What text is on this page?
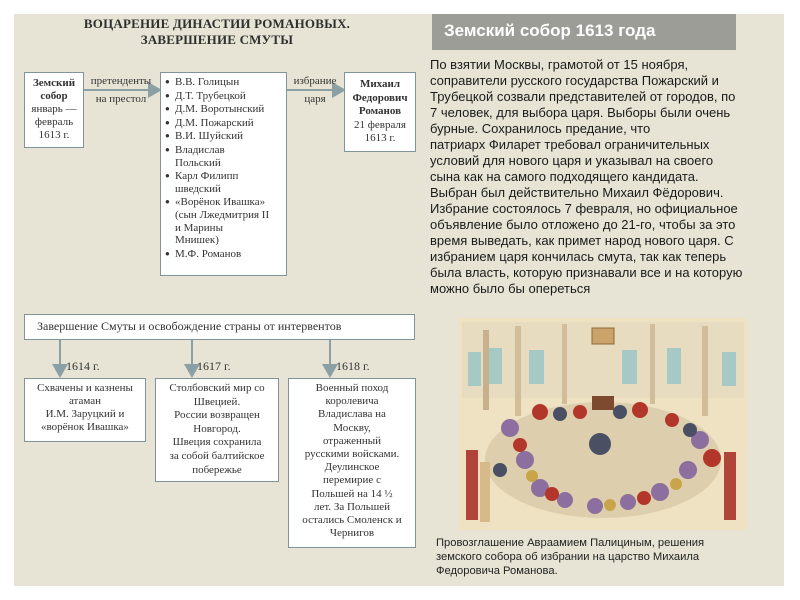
ВОЦАРЕНИЕ ДИНАСТИИ РОМАНОВЫХ.
ЗАВЕРШЕНИЕ СМУТЫ
Земский
собор
январь —
февраль
1613 г.
претенденты
на престол
избрание
царя
● В.В. Голицын
● Д.Т. Трубецкой
● Д.М. Воротынский
● Д.М. Пожарский
● В.И. Шуйский
● Владислав
Польский
● Карл Филипп
шведский
● «Ворёнок Ивашка»
(сын Лжедмитрия II
и Марины
Мнишек)
● М.Ф. Романов
Михаил
Федорович
Романов
21 февраля
1613 г.
Завершение Смуты и освобождение страны от интервентов
1614 г.	1617 г.	1618 г.
Схвачены и казнены
атаман
И.М. Заруцкий и
«ворёнок Ивашка»
Столбовский мир со
Швецией.
России возвращен
Новгород.
Швеция сохранила
за собой балтийское
побережье
Военный поход
королевича
Владислава на
Москву,
отраженный
русскими войсками.
Деулинское
перемирие с
Польшей на 14 ½
лет. За Польшей
остались Смоленск и
Чернигов
Земский собор 1613 года
По взятии Москвы, грамотой от 15 ноября,
соправители русского государства Пожарский и
Трубецкой созвали представителей от городов, по
7 человек, для выбора царя. Выборы были очень
бурные. Сохранилось предание, что
патриарх Филарет требовал ограничительных
условий для нового царя и указывал на своего
сына как на самого подходящего кандидата.
Выбран был действительно Михаил Фёдорович.
Избрание состоялось 7 февраля, но официальное
объявление было отложено до 21-го, чтобы за это
время выведать, как примет народ нового царя. С
избранием царя кончилась смута, так как теперь
была власть, которую признавали все и на которую
можно было бы опереться
Провозглашение Авраамием Палициным, решения
земского собора об избрании на царство Михаила
Федоровича Романова.
